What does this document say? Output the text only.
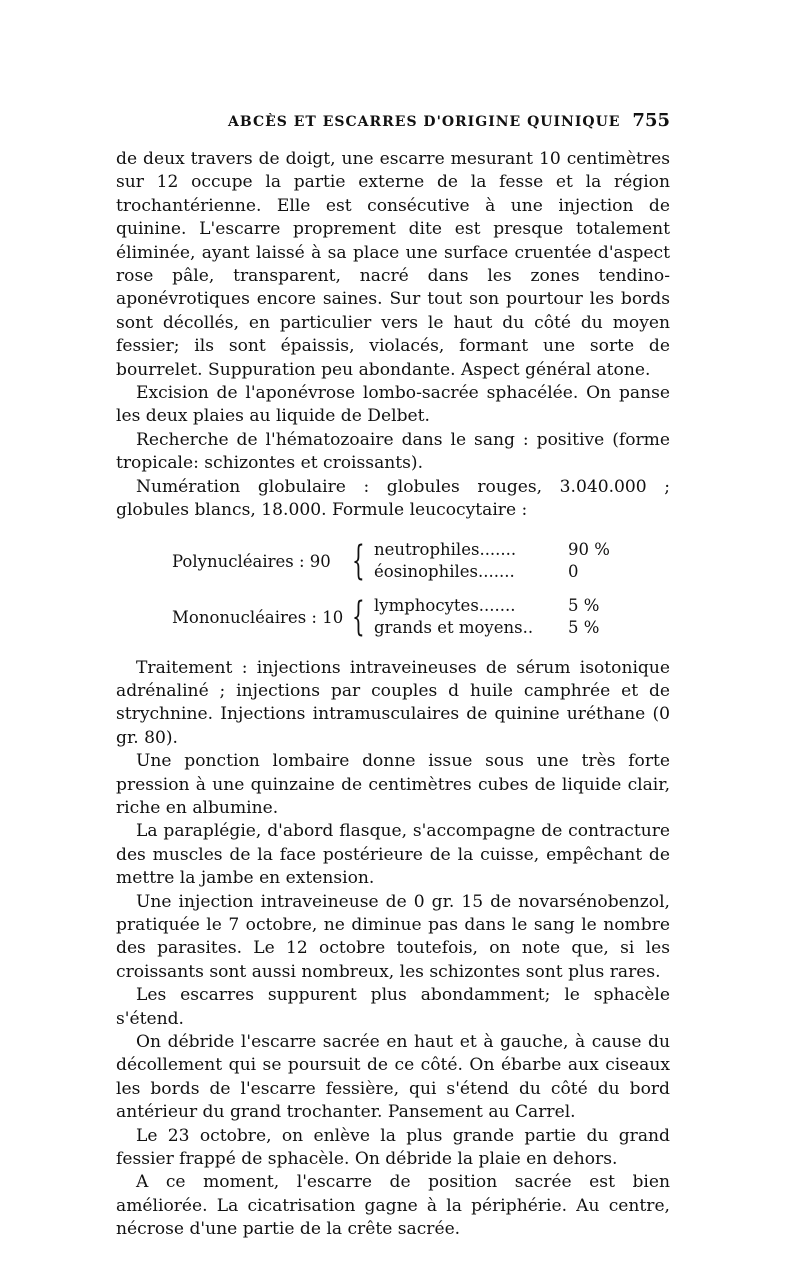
ABCÈS ET ESCARRES D'ORIGINE QUINIQUE 755

de deux travers de doigt, une escarre mesurant 10 centimètres sur 12 occupe la partie externe de la fesse et la région trochantérienne. Elle est consécutive à une injection de quinine. L'escarre proprement dite est presque totalement éliminée, ayant laissé à sa place une surface cruentée d'aspect rose pâle, transparent, nacré dans les zones tendino-aponévrotiques encore saines. Sur tout son pourtour les bords sont décollés, en particulier vers le haut du côté du moyen fessier; ils sont épaissis, violacés, formant une sorte de bourrelet. Suppuration peu abondante. Aspect général atone.

Excision de l'aponévrose lombo-sacrée sphacélée. On panse les deux plaies au liquide de Delbet.

Recherche de l'hématozoaire dans le sang : positive (forme tropicale: schizontes et croissants).

Numération globulaire : globules rouges, 3.040.000 ; globules blancs, 18.000. Formule leucocytaire :

Polynucléaires : 90 { neutrophiles.......	90 %
éosinophiles.......	0
Mononucléaires : 10 { lymphocytes.......	5 %
grands et moyens.. 5 %

Traitement : injections intraveineuses de sérum isotonique adrénaliné ; injections par couples d huile camphrée et de strychnine. Injections intramusculaires de quinine uréthane (0 gr. 80).

Une ponction lombaire donne issue sous une très forte pression à une quinzaine de centimètres cubes de liquide clair, riche en albumine.

La paraplégie, d'abord flasque, s'accompagne de contracture des muscles de la face postérieure de la cuisse, empêchant de mettre la jambe en extension.

Une injection intraveineuse de 0 gr. 15 de novarsénobenzol, pratiquée le 7 octobre, ne diminue pas dans le sang le nombre des parasites. Le 12 octobre toutefois, on note que, si les croissants sont aussi nombreux, les schizontes sont plus rares.

Les escarres suppurent plus abondamment; le sphacèle s'étend.

On débride l'escarre sacrée en haut et à gauche, à cause du décollement qui se poursuit de ce côté. On ébarbe aux ciseaux les bords de l'escarre fessière, qui s'étend du côté du bord antérieur du grand trochanter. Pansement au Carrel.

Le 23 octobre, on enlève la plus grande partie du grand fessier frappé de sphacèle. On débride la plaie en dehors.

A ce moment, l'escarre de position sacrée est bien améliorée. La cicatrisation gagne à la périphérie. Au centre, nécrose d'une partie de la crête sacrée.
